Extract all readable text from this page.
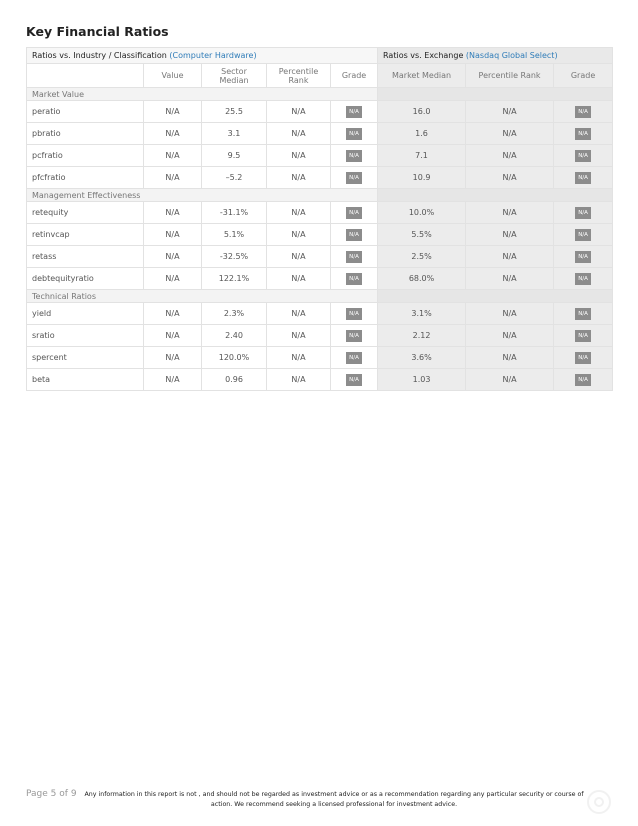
Key Financial Ratios
Ratios vs. Industry / Classification (Computer Hardware)					Ratios vs. Exchange (Nasdaq Global Select)		
	Value	Sector Median	Percentile Rank	Grade	Market Median	Percentile Rank	Grade
Market Value							
peratio	N/A	25.5	N/A	N/A	16.0	N/A	N/A
pbratio	N/A	3.1	N/A	N/A	1.6	N/A	N/A
pcfratio	N/A	9.5	N/A	N/A	7.1	N/A	N/A
pfcfratio	N/A	–5.2	N/A	N/A	10.9	N/A	N/A
Management Effectiveness							
retequity	N/A	-31.1%	N/A	N/A	10.0%	N/A	N/A
retinvcap	N/A	5.1%	N/A	N/A	5.5%	N/A	N/A
retass	N/A	-32.5%	N/A	N/A	2.5%	N/A	N/A
debtequityratio	N/A	122.1%	N/A	N/A	68.0%	N/A	N/A
Technical Ratios							
yield	N/A	2.3%	N/A	N/A	3.1%	N/A	N/A
sratio	N/A	2.40	N/A	N/A	2.12	N/A	N/A
spercent	N/A	120.0%	N/A	N/A	3.6%	N/A	N/A
beta	N/A	0.96	N/A	N/A	1.03	N/A	N/A
Page 5 of 9 Any information in this report is not , and should not be regarded as investment advice or as a recommendation regarding any particular security or course of action. We recommend seeking a licensed professional for investment advice.
